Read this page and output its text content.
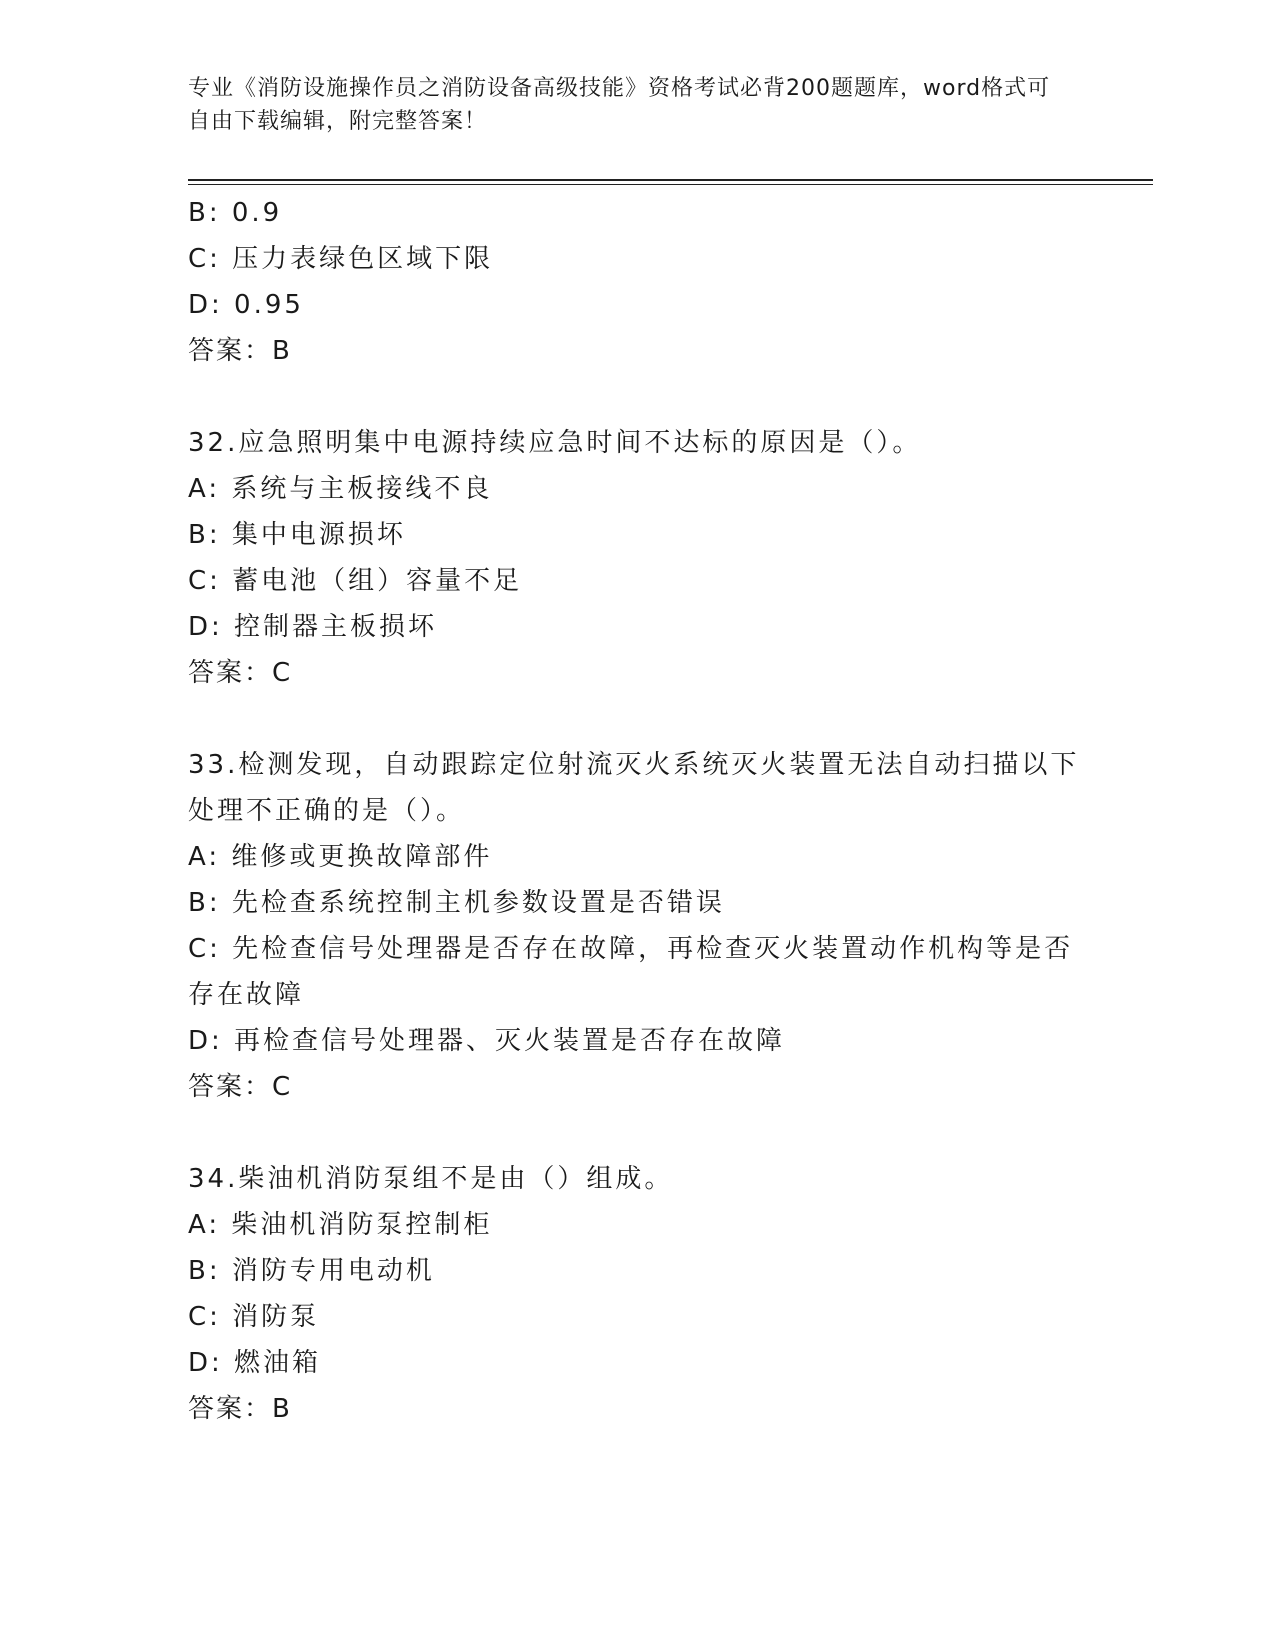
专业《消防设施操作员之消防设备高级技能》资格考试必背200题题库，word格式可自由下载编辑，附完整答案！
B: 0.9
C: 压力表绿色区域下限
D: 0.95
答案：B
32.应急照明集中电源持续应急时间不达标的原因是（）。
A: 系统与主板接线不良
B: 集中电源损坏
C: 蓄电池（组）容量不足
D: 控制器主板损坏
答案：C
33.检测发现，自动跟踪定位射流灭火系统灭火装置无法自动扫描以下
处理不正确的是（）。
A: 维修或更换故障部件
B: 先检查系统控制主机参数设置是否错误
C: 先检查信号处理器是否存在故障，再检查灭火装置动作机构等是否
存在故障
D: 再检查信号处理器、灭火装置是否存在故障
答案：C
34.柴油机消防泵组不是由（）组成。
A: 柴油机消防泵控制柜
B: 消防专用电动机
C: 消防泵
D: 燃油箱
答案：B
